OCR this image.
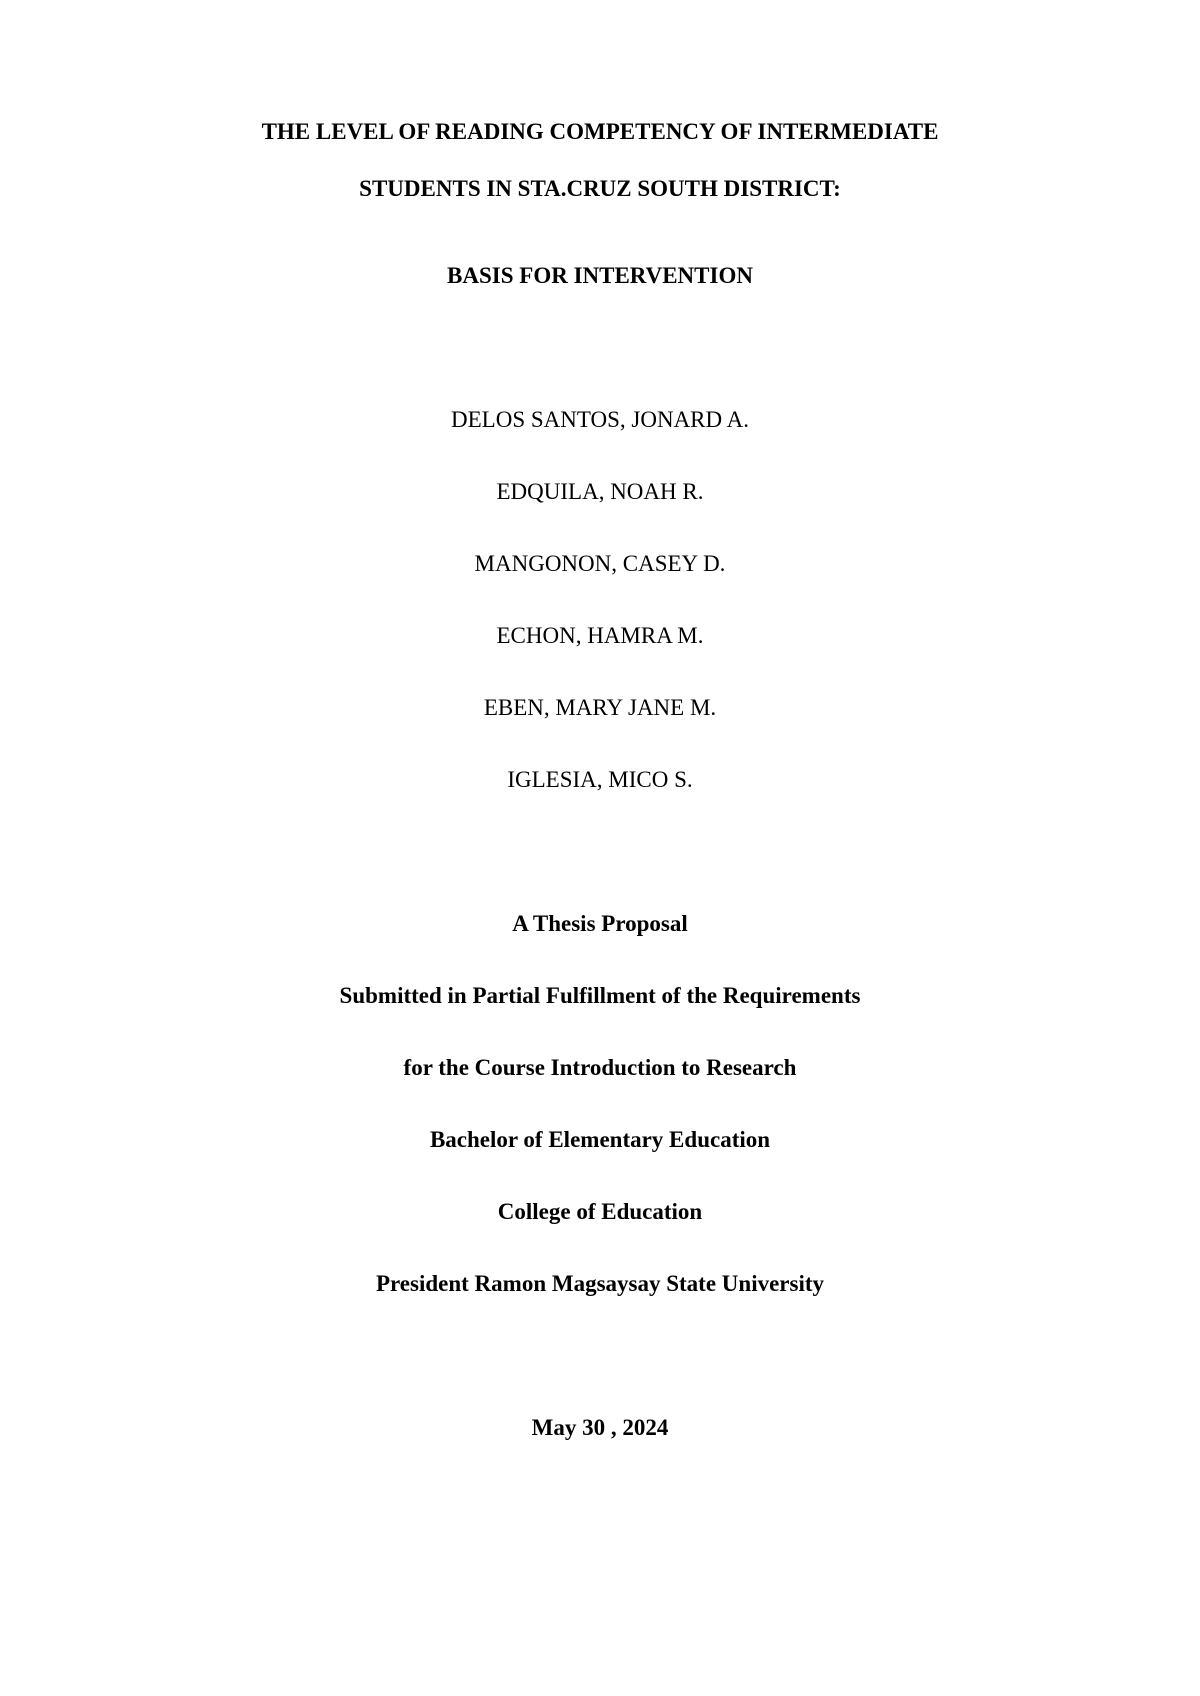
THE LEVEL OF READING COMPETENCY OF INTERMEDIATE

STUDENTS IN STA.CRUZ SOUTH DISTRICT:

BASIS FOR INTERVENTION

DELOS SANTOS, JONARD A.

EDQUILA, NOAH R.

MANGONON, CASEY D.

ECHON, HAMRA M.

EBEN, MARY JANE M.

IGLESIA, MICO S.

A Thesis Proposal

Submitted in Partial Fulfillment of the Requirements

for the Course Introduction to Research

Bachelor of Elementary Education

College of Education

President Ramon Magsaysay State University

May 30 , 2024
